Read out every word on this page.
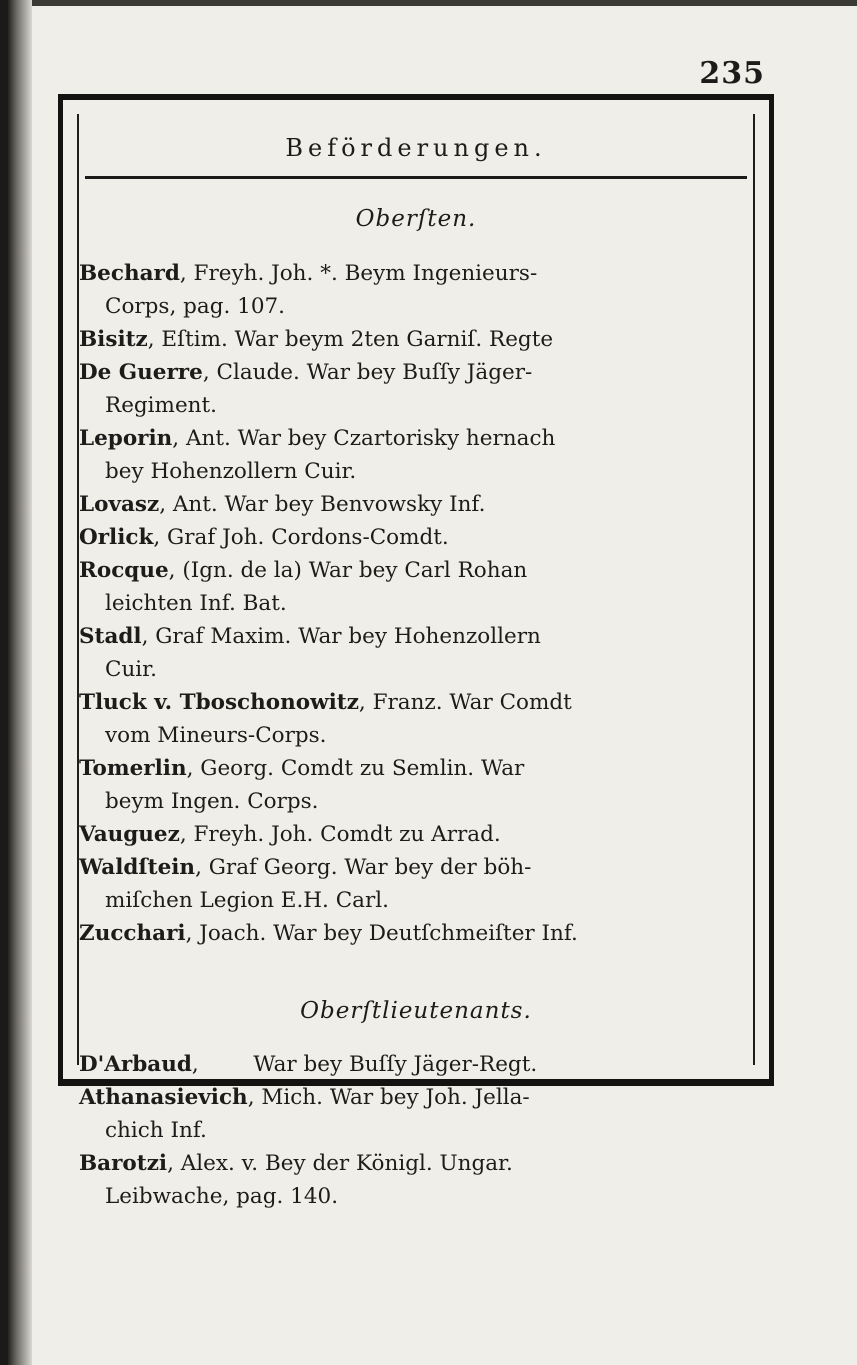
235
Beförderungen.
Oberſten.
Bechard, Freyh. Joh. *. Beym Ingenieurs-
Corps, pag. 107.
Bisitz, Eſtim. War beym 2ten Garniſ. Regte
De Guerre, Claude. War bey Buſſy Jäger-
Regiment.
Leporin, Ant. War bey Czartorisky hernach
bey Hohenzollern Cuir.
Lovasz, Ant. War bey Benvowsky Inf.
Orlick, Graf Joh. Cordons-Comdt.
Rocque, (Ign. de la) War bey Carl Rohan
leichten Inf. Bat.
Stadl, Graf Maxim. War bey Hohenzollern
Cuir.
Tluck v. Tboschonowitz, Franz. War Comdt
vom Mineurs-Corps.
Tomerlin, Georg. Comdt zu Semlin. War
beym Ingen. Corps.
Vauguez, Freyh. Joh. Comdt zu Arrad.
Waldſtein, Graf Georg. War bey der böh-
miſchen Legion E.H. Carl.
Zucchari, Joach. War bey Deutſchmeiſter Inf.
Oberſtlieutenants.
D'Arbaud,        War bey Buſſy Jäger-Regt.
Athanasievich, Mich. War bey Joh. Jella-
chich Inf.
Barotzi, Alex. v. Bey der Königl. Ungar.
Leibwache, pag. 140.
